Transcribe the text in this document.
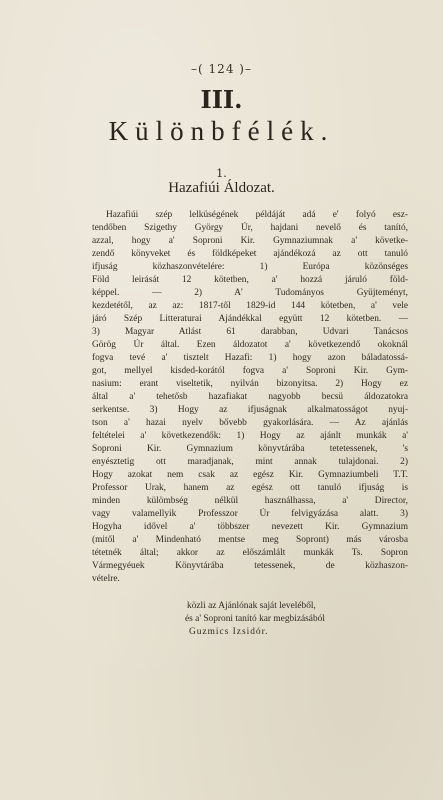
–( 124 )–
III.
Különbfélék.
1.
Hazafiúi Áldozat.
Hazafiúi szép lelküségének példáját adá e' folyó esz-
tendőben Szigethy György Úr, hajdani nevelő és tanító,
azzal, hogy a' Soproni Kir. Gymnaziumnak a' követke-
zendő könyveket és földképeket ajándékozá az ott tanuló
ifjuság közhaszonvételére: 1) Európa közönséges
Föld leirását 12 kötetben, a' hozzá járuló föld-
képpel. — 2) A' Tudományos Gyüjteményt,
kezdetétől, az az: 1817-től 1829-id 144 kötetben, a' vele
járó Szép Litteraturai Ajándékkal együtt 12 kötetben. —
3) Magyar Atlást 61 darabban, Udvari Tanácsos
Görög Úr által. Ezen áldozatot a' következendő okoknál
fogva tevé a' tisztelt Hazafi: 1) hogy azon báladatossá-
got, mellyel kisded-korától fogva a' Soproni Kir. Gym-
nasium: erant viseltetik, nyilván bizonyitsa. 2) Hogy ez
által a' tehetősb hazafiakat nagyobb becsü áldozatokra
serkentse. 3) Hogy az ifjuságnak alkalmatosságot nyuj-
tson a' hazai nyelv bővebb gyakorlására. — Az ajánlás
feltételei a' következendők: 1) Hogy az ajánlt munkák a'
Soproni Kir. Gymnazium könyvtárába tetetessenek, 's
enyésztetig ott maradjanak, mint annak tulajdonai. 2)
Hogy azokat nem csak az egész Kir. Gymnaziumbeli T.T.
Professor Urak, hanem az egész ott tanuló ifjuság is
minden külömbség nélkül használhassa, a' Director,
vagy valamellyik Professzor Úr felvigyázása alatt. 3)
Hogyha idővel a' többszer nevezett Kir. Gymnazium
(mitől a' Mindenható mentse meg Sopront) más városba
tétetnék által; akkor az előszámlált munkák Ts. Sopron
Vármegyéuek Könyvtárába tetessenek, de közhaszon-
vételre.
közli az Ajánlónak saját leveléből,
és a' Soproni tanító kar megbizásából
Guzmics Izsidór.
